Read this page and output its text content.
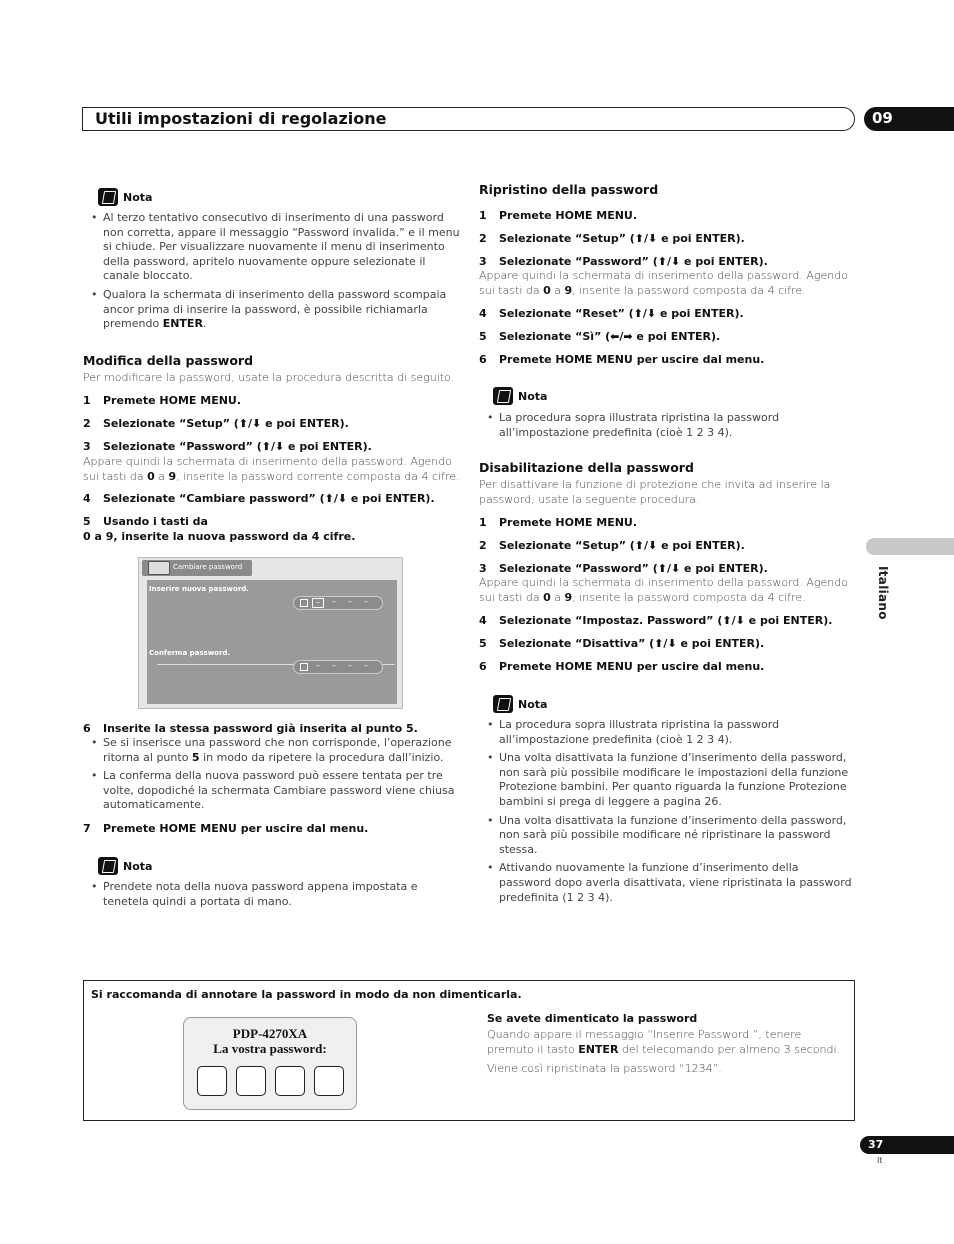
Utili impostazioni di regolazione	09
Italiano
Nota
• Al terzo tentativo consecutivo di inserimento di una password non corretta, appare il messaggio “Password invalida.” e il menu si chiude. Per visualizzare nuovamente il menu di inserimento della password, apritelo nuovamente oppure selezionate il canale bloccato.
• Qualora la schermata di inserimento della password scompaia ancor prima di inserire la password, è possibile richiamarla premendo ENTER.
Modifica della password
Per modificare la password, usate la procedura descritta di seguito.
1 Premete HOME MENU.
2 Selezionate “Setup” (⬆/⬇ e poi ENTER).
3 Selezionate “Password” (⬆/⬇ e poi ENTER).
Appare quindi la schermata di inserimento della password. Agendo sui tasti da 0 a 9, inserite la password corrente composta da 4 cifre.
4 Selezionate “Cambiare password” (⬆/⬇ e poi ENTER).
5 Usando i tasti da
0 a 9, inserite la nuova password da 4 cifre.
Cambiare password
Inserire nuova password.
–	–	–	–
Conferma password.
–	–	–	–
6 Inserite la stessa password già inserita al punto 5.
• Se si inserisce una password che non corrisponde, l’operazione ritorna al punto 5 in modo da ripetere la procedura dall’inizio.
• La conferma della nuova password può essere tentata per tre volte, dopodiché la schermata Cambiare password viene chiusa automaticamente.
7 Premete HOME MENU per uscire dal menu.
Nota
• Prendete nota della nuova password appena impostata e tenetela quindi a portata di mano.
Ripristino della password
1 Premete HOME MENU.
2 Selezionate “Setup” (⬆/⬇ e poi ENTER).
3 Selezionate “Password” (⬆/⬇ e poi ENTER).
Appare quindi la schermata di inserimento della password. Agendo sui tasti da 0 a 9, inserite la password composta da 4 cifre.
4 Selezionate “Reset” (⬆/⬇ e poi ENTER).
5 Selezionate “Sì” (⬅/➡ e poi ENTER).
6 Premete HOME MENU per uscire dal menu.
Nota
• La procedura sopra illustrata ripristina la password all’impostazione predefinita (cioè 1 2 3 4).
Disabilitazione della password
Per disattivare la funzione di protezione che invita ad inserire la password, usate la seguente procedura.
1 Premete HOME MENU.
2 Selezionate “Setup” (⬆/⬇ e poi ENTER).
3 Selezionate “Password” (⬆/⬇ e poi ENTER).
Appare quindi la schermata di inserimento della password. Agendo sui tasti da 0 a 9, inserite la password composta da 4 cifre.
4 Selezionate “Impostaz. Password” (⬆/⬇ e poi ENTER).
5 Selezionate “Disattiva” (⬆/⬇ e poi ENTER).
6 Premete HOME MENU per uscire dal menu.
Nota
• La procedura sopra illustrata ripristina la password all’impostazione predefinita (cioè 1 2 3 4).
• Una volta disattivata la funzione d’inserimento della password, non sarà più possibile modificare le impostazioni della funzione Protezione bambini. Per quanto riguarda la funzione Protezione bambini si prega di leggere a pagina 26.
• Una volta disattivata la funzione d’inserimento della password, non sarà più possibile modificare né ripristinare la password stessa.
• Attivando nuovamente la funzione d’inserimento della password dopo averla disattivata, viene ripristinata la password predefinita (1 2 3 4).
Si raccomanda di annotare la password in modo da non dimenticarla.
PDP-4270XA
La vostra password:
Se avete dimenticato la password
Quando appare il messaggio “Inserire Password.”, tenere premuto il tasto ENTER del telecomando per almeno 3 secondi.
Viene così ripristinata la password “1234”.
37
It
